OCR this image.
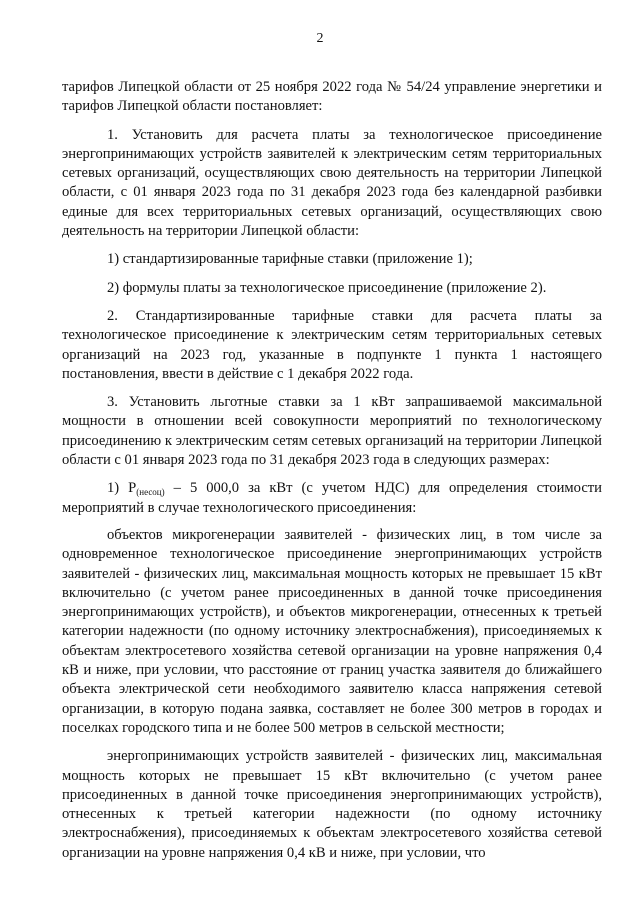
2

тарифов Липецкой области от 25 ноября 2022 года № 54/24 управление энергетики и тарифов Липецкой области постановляет:

1. Установить для расчета платы за технологическое присоединение энергопринимающих устройств заявителей к электрическим сетям территориальных сетевых организаций, осуществляющих свою деятельность на территории Липецкой области, с 01 января 2023 года по 31 декабря 2023 года без календарной разбивки единые для всех территориальных сетевых организаций, осуществляющих свою деятельность на территории Липецкой области:

1) стандартизированные тарифные ставки (приложение 1);

2) формулы платы за технологическое присоединение (приложение 2).

2. Стандартизированные тарифные ставки для расчета платы за технологическое присоединение к электрическим сетям территориальных сетевых организаций на 2023 год, указанные в подпункте 1 пункта 1 настоящего постановления, ввести в действие с 1 декабря 2022 года.

3. Установить льготные ставки за 1 кВт запрашиваемой максимальной мощности в отношении всей совокупности мероприятий по технологическому присоединению к электрическим сетям сетевых организаций на территории Липецкой области с 01 января 2023 года по 31 декабря 2023 года в следующих размерах:

1) $Р_{(несоц)} - 5$ 000,0 за кВт (с учетом НДС) для определения стоимости мероприятий в случае технологического присоединения:

объектов микрогенерации заявителей - физических лиц, в том числе за одновременное технологическое присоединение энергопринимающих устройств заявителей - физических лиц, максимальная мощность которых не превышает 15 кВт включительно (с учетом ранее присоединенных в данной точке присоединения энергопринимающих устройств), и объектов микрогенерации, отнесенных к третьей категории надежности (по одному источнику электроснабжения), присоединяемых к объектам электросетевого хозяйства сетевой организации на уровне напряжения 0,4 кВ и ниже, при условии, что расстояние от границ участка заявителя до ближайшего объекта электрической сети необходимого заявителю класса напряжения сетевой организации, в которую подана заявка, составляет не более 300 метров в городах и поселках городского типа и не более 500 метров в сельской местности;

энергопринимающих устройств заявителей - физических лиц, максимальная мощность которых не превышает 15 кВт включительно (с учетом ранее присоединенных в данной точке присоединения энергопринимающих устройств), отнесенных к третьей категории надежности (по одному источнику электроснабжения), присоединяемых к объектам электросетевого хозяйства сетевой организации на уровне напряжения 0,4 кВ и ниже, при условии, что
